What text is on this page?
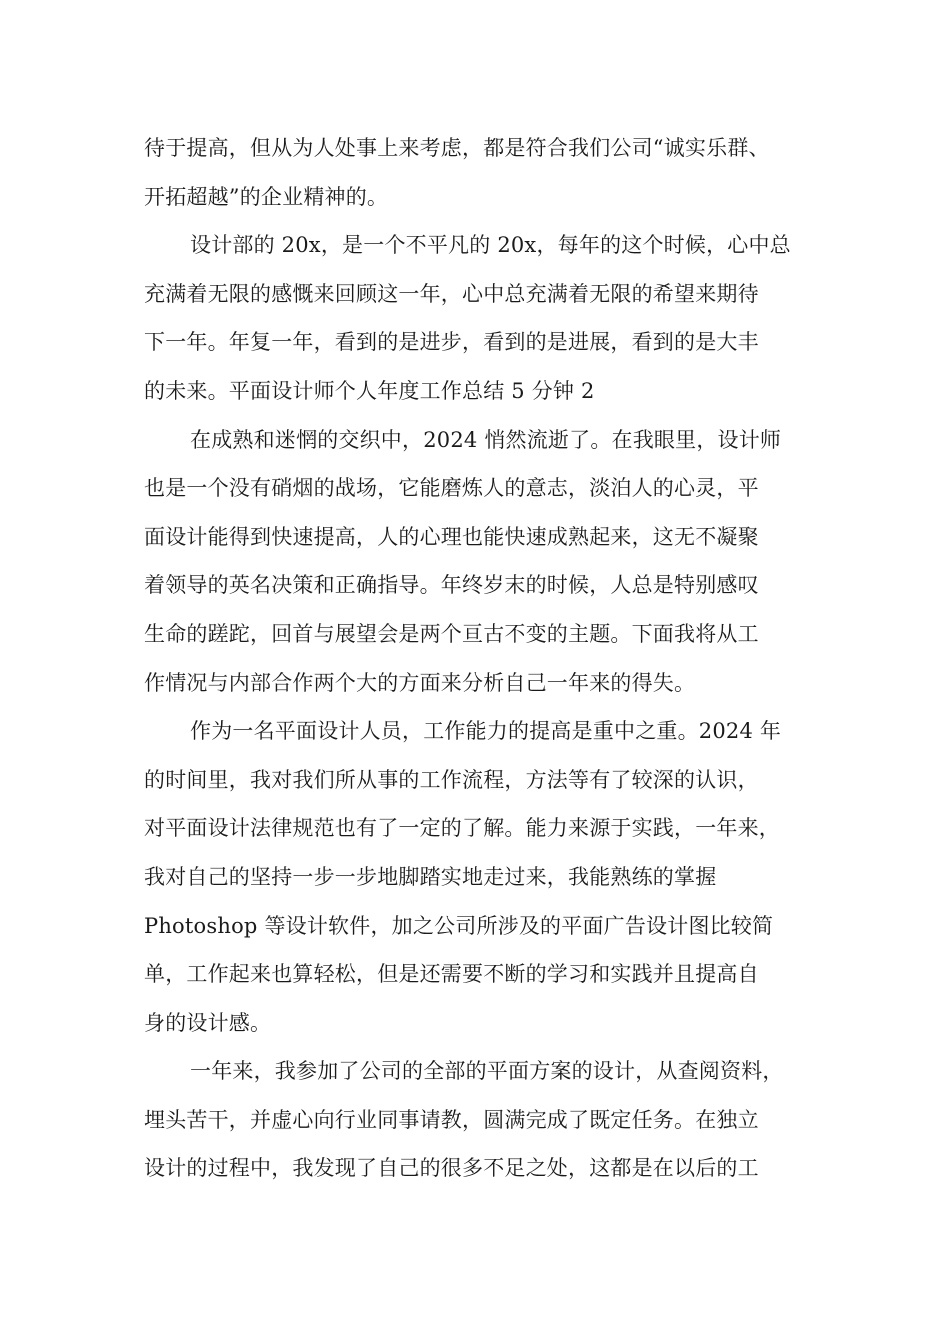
待于提高，但从为人处事上来考虑，都是符合我们公司“诚实乐群、
开拓超越”的企业精神的。
设计部的 20x，是一个不平凡的 20x，每年的这个时候，心中总
充满着无限的感慨来回顾这一年，心中总充满着无限的希望来期待
下一年。年复一年，看到的是进步，看到的是进展，看到的是大丰
的未来。平面设计师个人年度工作总结 5 分钟 2
在成熟和迷惘的交织中，2024 悄然流逝了。在我眼里，设计师
也是一个没有硝烟的战场，它能磨炼人的意志，淡泊人的心灵，平
面设计能得到快速提高，人的心理也能快速成熟起来，这无不凝聚
着领导的英名决策和正确指导。年终岁末的时候，人总是特别感叹
生命的蹉跎，回首与展望会是两个亘古不变的主题。下面我将从工
作情况与内部合作两个大的方面来分析自己一年来的得失。
作为一名平面设计人员，工作能力的提高是重中之重。2024 年
的时间里，我对我们所从事的工作流程，方法等有了较深的认识，
对平面设计法律规范也有了一定的了解。能力来源于实践，一年来，
我对自己的坚持一步一步地脚踏实地走过来，我能熟练的掌握
Photoshop 等设计软件，加之公司所涉及的平面广告设计图比较简
单，工作起来也算轻松，但是还需要不断的学习和实践并且提高自
身的设计感。
一年来，我参加了公司的全部的平面方案的设计，从查阅资料，
埋头苦干，并虚心向行业同事请教，圆满完成了既定任务。在独立
设计的过程中，我发现了自己的很多不足之处，这都是在以后的工
